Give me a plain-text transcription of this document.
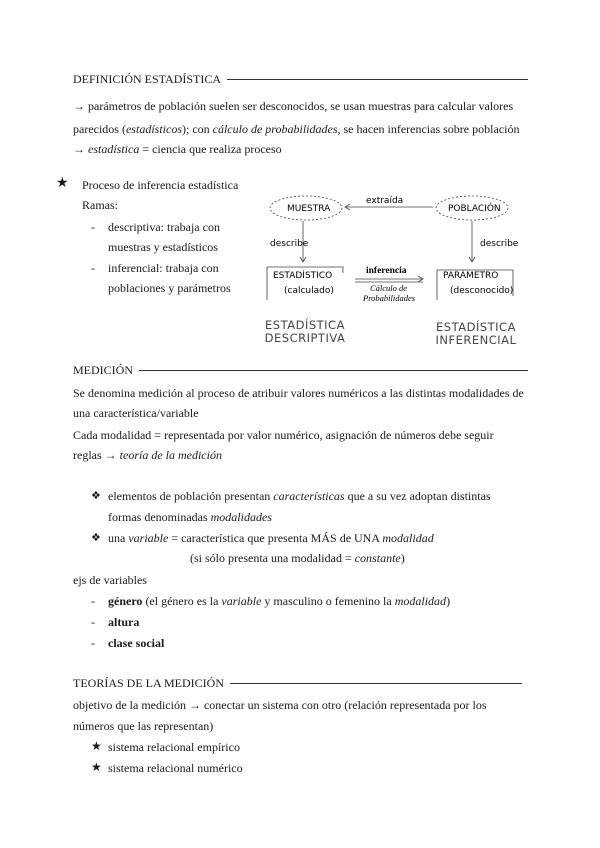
DEFINICIÓN ESTADÍSTICA
→ parámetros de población suelen ser desconocidos, se usan muestras para calcular valores
parecidos (estadísticos); con cálculo de probabilidades, se hacen inferencias sobre población
→ estadística = ciencia que realiza proceso
★ Proceso de inferencia estadística
Ramas:
- descriptiva: trabaja con
muestras y estadísticos
- inferencial: trabaja con
poblaciones y parámetros
MUESTRA	POBLACIÓN
extraída
describe	describe
ESTADÍSTICO
(calculado)
PARÁMETRO
(desconocido)
inferencia
Cálculo de
Probabilidades
ESTADÍSTICA
DESCRIPTIVA
ESTADÍSTICA
INFERENCIAL
MEDICIÓN
Se denomina medición al proceso de atribuir valores numéricos a las distintas modalidades de
una característica/variable
Cada modalidad = representada por valor numérico, asignación de números debe seguir
reglas → teoría de la medición
❖ elementos de población presentan características que a su vez adoptan distintas
formas denominadas modalidades
❖ una variable = característica que presenta MÁS de UNA modalidad
(si sólo presenta una modalidad = constante)
ejs de variables
- género (el género es la variable y masculino o femenino la modalidad)
- altura
- clase social
TEORÍAS DE LA MEDICIÓN
objetivo de la medición → conectar un sistema con otro (relación representada por los
números que las representan)
★ sistema relacional empírico
★ sistema relacional numérico
